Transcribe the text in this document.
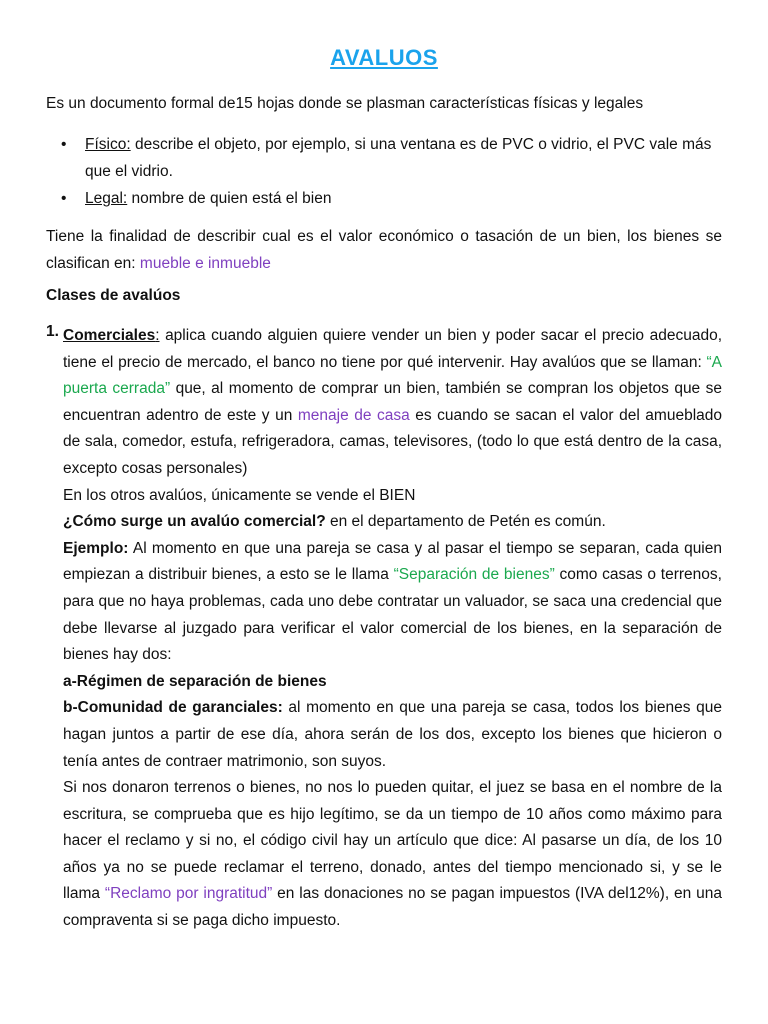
AVALUOS
Es un documento formal de15 hojas donde se plasman características físicas y legales
• Físico: describe el objeto, por ejemplo, si una ventana es de PVC o vidrio, el PVC vale más que el vidrio.
• Legal: nombre de quien está el bien
Tiene la finalidad de describir cual es el valor económico o tasación de un bien, los bienes se clasifican en: mueble e inmueble
Clases de avalúos
1. Comerciales: aplica cuando alguien quiere vender un bien y poder sacar el precio adecuado, tiene el precio de mercado, el banco no tiene por qué intervenir. Hay avalúos que se llaman: “A puerta cerrada” que, al momento de comprar un bien, también se compran los objetos que se encuentran adentro de este y un menaje de casa es cuando se sacan el valor del amueblado de sala, comedor, estufa, refrigeradora, camas, televisores, (todo lo que está dentro de la casa, excepto cosas personales)

En los otros avalúos, únicamente se vende el BIEN

¿Cómo surge un avalúo comercial? en el departamento de Petén es común.

Ejemplo: Al momento en que una pareja se casa y al pasar el tiempo se separan, cada quien empiezan a distribuir bienes, a esto se le llama “Separación de bienes” como casas o terrenos, para que no haya problemas, cada uno debe contratar un valuador, se saca una credencial que debe llevarse al juzgado para verificar el valor comercial de los bienes, en la separación de bienes hay dos:

a-Régimen de separación de bienes

b-Comunidad de garanciales: al momento en que una pareja se casa, todos los bienes que hagan juntos a partir de ese día, ahora serán de los dos, excepto los bienes que hicieron o tenía antes de contraer matrimonio, son suyos.

Si nos donaron terrenos o bienes, no nos lo pueden quitar, el juez se basa en el nombre de la escritura, se comprueba que es hijo legítimo, se da un tiempo de 10 años como máximo para hacer el reclamo y si no, el código civil hay un artículo que dice: Al pasarse un día, de los 10 años ya no se puede reclamar el terreno, donado, antes del tiempo mencionado si, y se le llama “Reclamo por ingratitud” en las donaciones no se pagan impuestos (IVA del12%), en una compraventa si se paga dicho impuesto.
